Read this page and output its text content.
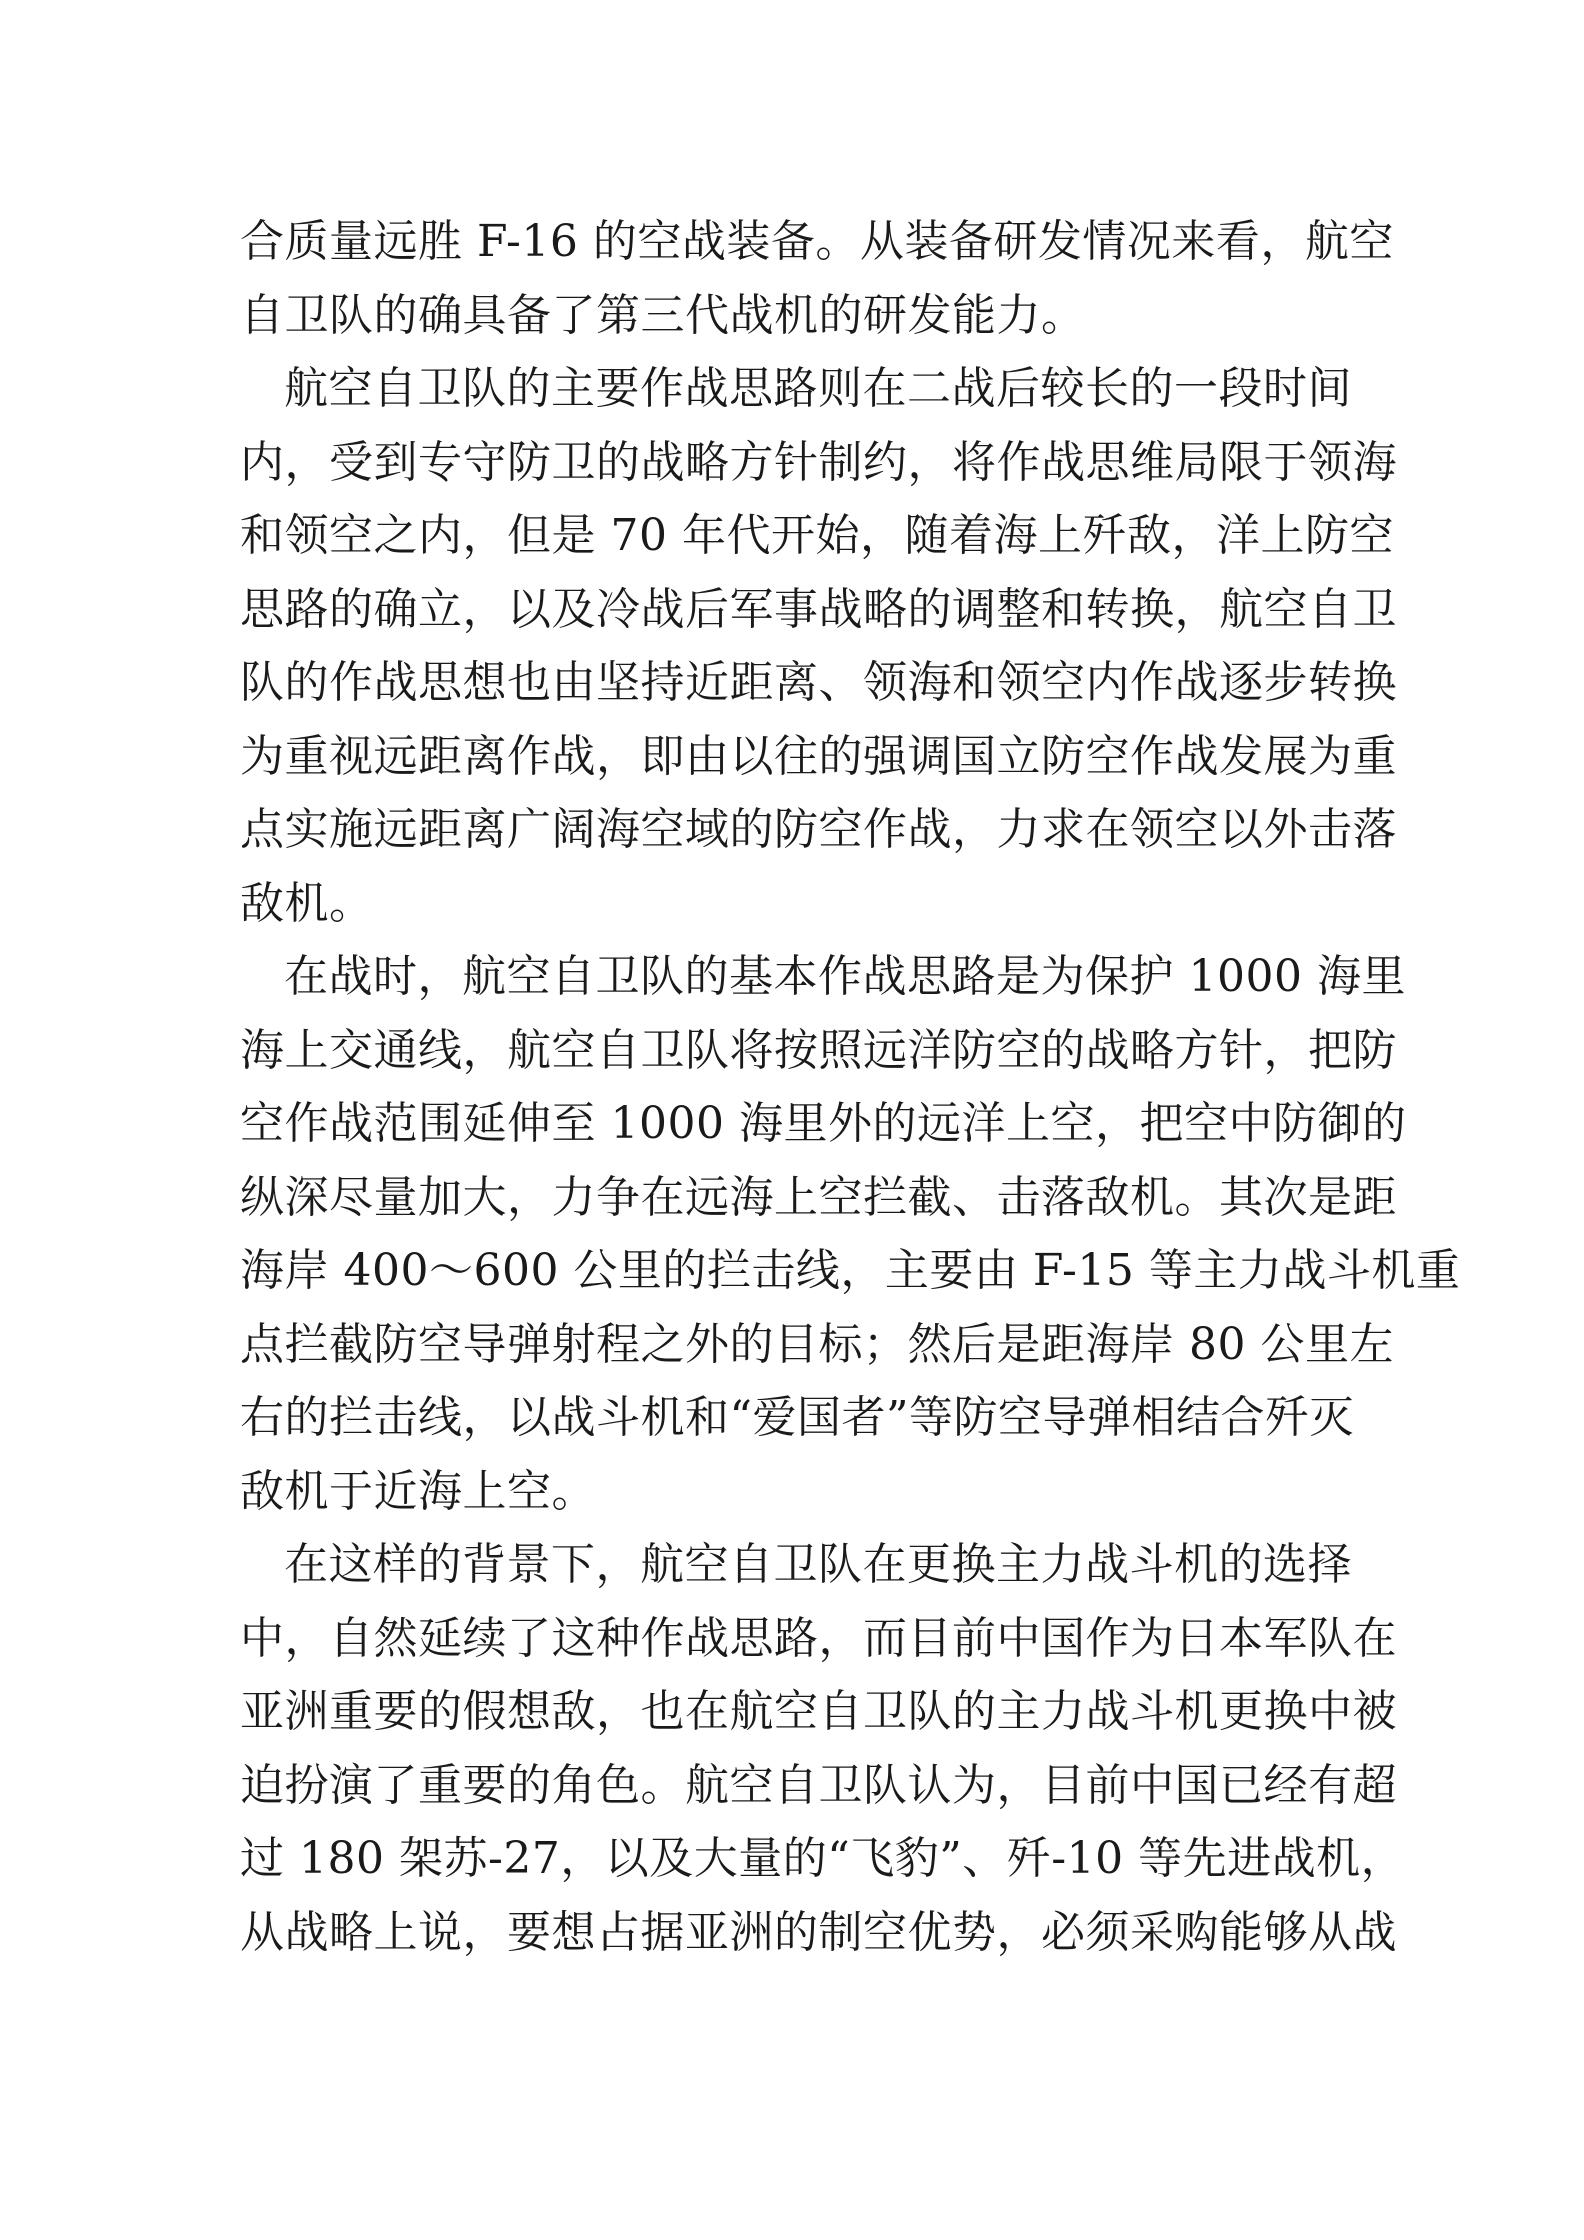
合质量远胜 F-16 的空战装备。从装备研发情况来看，航空
自卫队的确具备了第三代战机的研发能力。
航空自卫队的主要作战思路则在二战后较长的一段时间
内，受到专守防卫的战略方针制约，将作战思维局限于领海
和领空之内，但是 70 年代开始，随着海上歼敌，洋上防空
思路的确立，以及冷战后军事战略的调整和转换，航空自卫
队的作战思想也由坚持近距离、领海和领空内作战逐步转换
为重视远距离作战，即由以往的强调国立防空作战发展为重
点实施远距离广阔海空域的防空作战，力求在领空以外击落
敌机。
在战时，航空自卫队的基本作战思路是为保护 1000 海里
海上交通线，航空自卫队将按照远洋防空的战略方针，把防
空作战范围延伸至 1000 海里外的远洋上空，把空中防御的
纵深尽量加大，力争在远海上空拦截、击落敌机。其次是距
海岸 400～600 公里的拦击线，主要由 F-15 等主力战斗机重
点拦截防空导弹射程之外的目标；然后是距海岸 80 公里左
右的拦击线，以战斗机和“爱国者”等防空导弹相结合歼灭
敌机于近海上空。
在这样的背景下，航空自卫队在更换主力战斗机的选择
中，自然延续了这种作战思路，而目前中国作为日本军队在
亚洲重要的假想敌，也在航空自卫队的主力战斗机更换中被
迫扮演了重要的角色。航空自卫队认为，目前中国已经有超
过 180 架苏-27，以及大量的“飞豹”、歼-10 等先进战机，
从战略上说，要想占据亚洲的制空优势，必须采购能够从战
